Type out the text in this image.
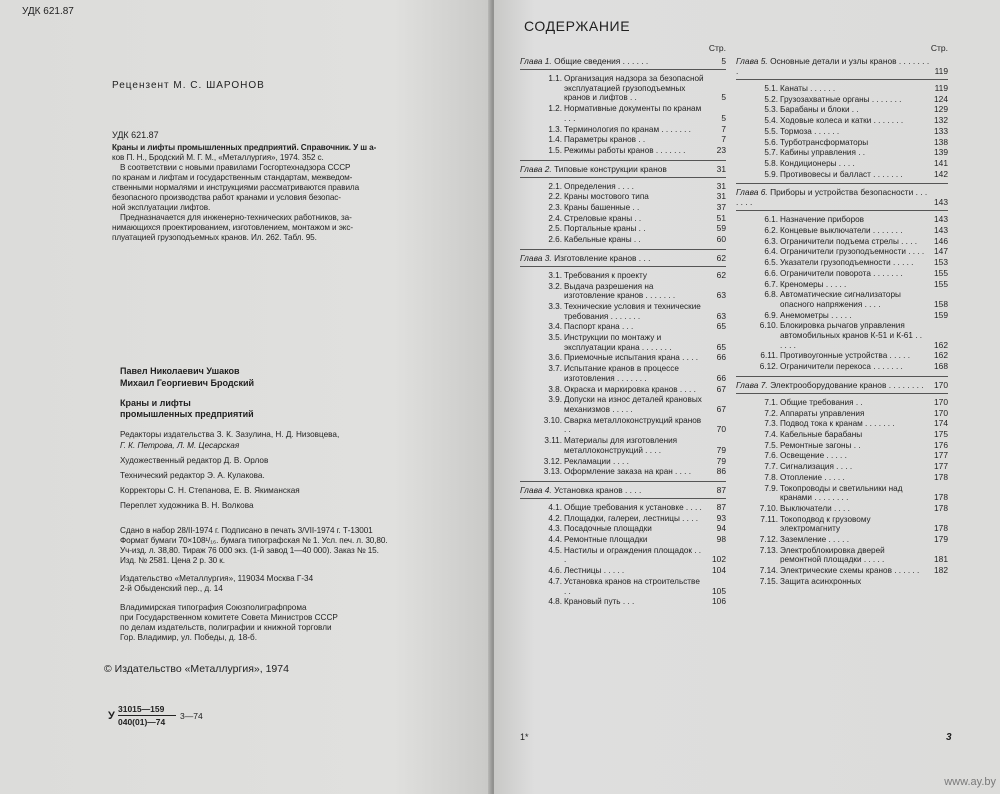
УДК 621.87
Рецензент М. С. ШАРОНОВ
УДК 621.87
Краны и лифты промышленных предприятий. Справочник. У ш а-
ков П. Н., Бродский М. Г. М., «Металлургия», 1974. 352 с.
В соответствии с новыми правилами Госгортехнадзора СССР
по кранам и лифтам и государственным стандартам, межведом-
ственными нормалями и инструкциями рассматриваются правила
безопасного производства работ кранами и условия безопас-
ной эксплуатации лифтов.
Предназначается для инженерно-технических работников, за-
нимающихся проектированием, изготовлением, монтажом и экс-
плуатацией грузоподъемных кранов. Ил. 262. Табл. 95.
Павел Николаевич Ушаков
Михаил Георгиевич Бродский
Краны и лифты
промышленных предприятий
Редакторы издательства З. К. Зазулина, Н. Д. Низовцева,
Г. К. Петрова, Л. М. Цесарская
Художественный редактор Д. В. Орлов
Технический редактор Э. А. Кулакова.
Корректоры С. Н. Степанова, Е. В. Якиманская
Переплет художника В. Н. Волкова
Сдано в набор 28/II-1974 г. Подписано в печать 3/VII-1974 г. Т-13001
Формат бумаги 70×108¹/₁₆. бумага типографская № 1. Усл. печ. л. 30,80.
Уч-изд. л. 38,80. Тираж 76 000 экз. (1-й завод 1—40 000). Заказ № 15.
Изд. № 2581. Цена 2 р. 30 к.
Издательство «Металлургия», 119034 Москва Г-34
2-й Обыденский пер., д. 14
Владимирская типография Союзполиграфпрома
при Государственном комитете Совета Министров СССР
по делам издательств, полиграфии и книжной торговли
Гор. Владимир, ул. Победы, д. 18-б.
© Издательство «Металлургия», 1974
У
31015—159
040(01)—74
3—74
СОДЕРЖАНИЕ
Стр.
Глава 1. Общие сведения . . . . . .	5
1.1. Организация надзора за безопасной эксплуатацией грузоподъемных кранов и лифтов . .	5
1.2. Нормативные документы по кранам . . .	5
1.3. Терминология по кранам . . . . . . .	7
1.4. Параметры кранов . .	7
1.5. Режимы работы кранов . . . . . . .	23
Глава 2. Типовые конструкции кранов	31
2.1. Определения . . . .	31
2.2. Краны мостового типа	31
2.3. Краны башенные . .	37
2.4. Стреловые краны . .	51
2.5. Портальные краны . .	59
2.6. Кабельные краны . .	60
Глава 3. Изготовление кранов . . .	62
3.1. Требования к проекту	62
3.2. Выдача разрешения на изготовление кранов . . . . . . .	63
3.3. Технические условия и технические требования . . . . . . .	63
3.4. Паспорт крана . . .	65
3.5. Инструкции по монтажу и эксплуатации крана . . . . . . .	65
3.6. Приемочные испытания крана . . . .	66
3.7. Испытание кранов в процессе изготовления . . . . . . .	66
3.8. Окраска и маркировка кранов . . . .	67
3.9. Допуски на износ деталей крановых механизмов . . . . .	67
3.10. Сварка металлоконструкций кранов . .	70
3.11. Материалы для изготовления металлоконструкций . . . .	79
3.12. Рекламации . . . .	79
3.13. Оформление заказа на кран . . . .	86
Глава 4. Установка кранов . . . .	87
4.1. Общие требования к установке . . . . 87
4.2. Площадки, галереи, лестницы . . . .	93
4.3. Посадочные площадки	94
4.4. Ремонтные площадки	98
4.5. Настилы и ограждения площадок . . .	102
4.6. Лестницы . . . . .	104
4.7. Установка кранов на строительстве . .	105
4.8. Крановый путь . . .	106
Стр.
Глава 5. Основные детали и узлы кранов . . . . . . . .	119
5.1. Канаты . . . . . .	119
5.2. Грузозахватные органы . . . . . . .	124
5.3. Барабаны и блоки . .	129
5.4. Ходовые колеса и катки . . . . . . .	132
5.5. Тормоза . . . . . .	133
5.6. Турботрансформаторы	138
5.7. Кабины управления . .	139
5.8. Кондиционеры . . . .	141
5.9. Противовесы и балласт . . . . . . .	142
Глава 6. Приборы и устройства безопасности . . . . . . .	143
6.1. Назначение приборов	143
6.2. Концевые выключатели . . . . . . .	143
6.3. Ограничители подъема стрелы . . . .	146
6.4. Ограничители грузоподъемности . . . . 147
6.5. Указатели грузоподъемности . . . . .	153
6.6. Ограничители поворота . . . . . . .	155
6.7. Креномеры . . . . .	155
6.8. Автоматические сигнализаторы опасного напряжения . . . .	158
6.9. Анемометры . . . . .	159
6.10. Блокировка рычагов управления автомобильных кранов К-51 и К-61 . . . . . .	162
6.11. Противоугонные устройства . . . . .	162
6.12. Ограничители перекоса . . . . . . .	168
Глава 7. Электрооборудование кранов . . . . . . . . 170
7.1. Общие требования . .	170
7.2. Аппараты управления	170
7.3. Подвод тока к кранам . . . . . . .	174
7.4. Кабельные барабаны	175
7.5. Ремонтные загоны . .	176
7.6. Освещение . . . . .	177
7.7. Сигнализация . . . .	177
7.8. Отопление . . . . .	178
7.9. Токопроводы и светильники над кранами . . . . . . . .	178
7.10. Выключатели . . . .	178
7.11. Токоподвод к грузовому электромагниту	178
7.12. Заземление . . . . .	179
7.13. Электроблокировка дверей ремонтной площадки . . . . .	181
7.14. Электрические схемы кранов . . . . . .	182
7.15. Защита асинхронных
1*	3
www.ay.by
